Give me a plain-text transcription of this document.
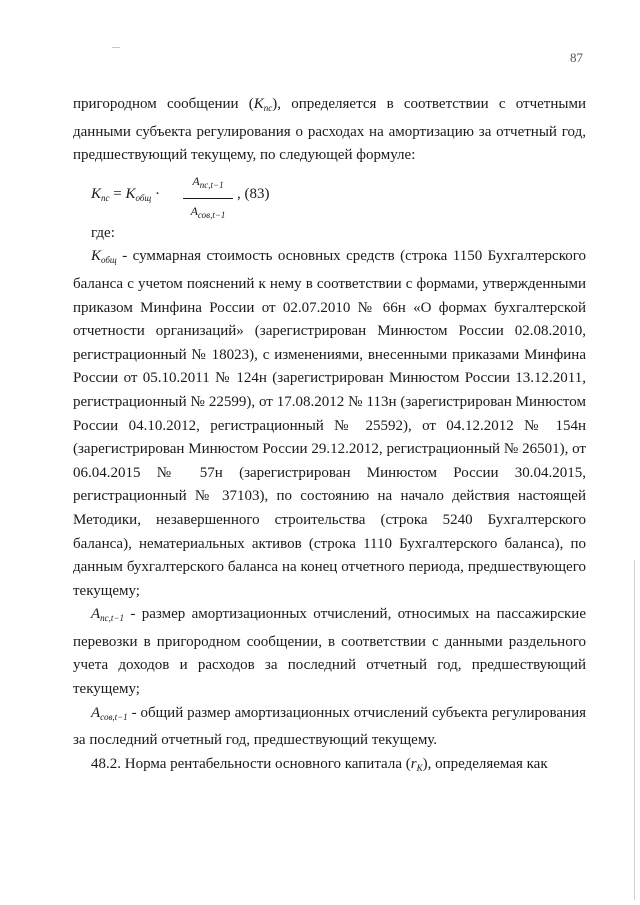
87

пригородном сообщении $(K_{пс})$, определяется в соответствии с отчетными данными субъекта регулирования о расходах на амортизацию за отчетный год, предшествующий текущему, по следующей формуле:

$K_{пс} = K_{общ}$ ·
$A_{пс,t-1}$
$A_{сов,t-1}$
, (83)

где:

$K_{общ}$ - суммарная стоимость основных средств (строка 1150 Бухгалтерского баланса с учетом пояснений к нему в соответствии с формами, утвержденными приказом Минфина России от 02.07.2010 № 66н «О формах бухгалтерской отчетности организаций» (зарегистрирован Минюстом России 02.08.2010, регистрационный № 18023), с изменениями, внесенными приказами Минфина России от 05.10.2011 № 124н (зарегистрирован Минюстом России 13.12.2011, регистрационный № 22599), от 17.08.2012 № 113н (зарегистрирован Минюстом России 04.10.2012, регистрационный № 25592), от 04.12.2012 № 154н (зарегистрирован Минюстом России 29.12.2012, регистрационный № 26501), от 06.04.2015 № 57н (зарегистрирован Минюстом России 30.04.2015, регистрационный № 37103), по состоянию на начало действия настоящей Методики, незавершенного строительства (строка 5240 Бухгалтерского баланса), нематериальных активов (строка 1110 Бухгалтерского баланса), по данным бухгалтерского баланса на конец отчетного периода, предшествующего текущему;

$A_{пс,t-1}$ - размер амортизационных отчислений, относимых на пассажирские перевозки в пригородном сообщении, в соответствии с данными раздельного учета доходов и расходов за последний отчетный год, предшествующий текущему;

$A_{сов,t-1}$ - общий размер амортизационных отчислений субъекта регулирования за последний отчетный год, предшествующий текущему.

48.2. Норма рентабельности основного капитала $(r_K)$, определяемая как
